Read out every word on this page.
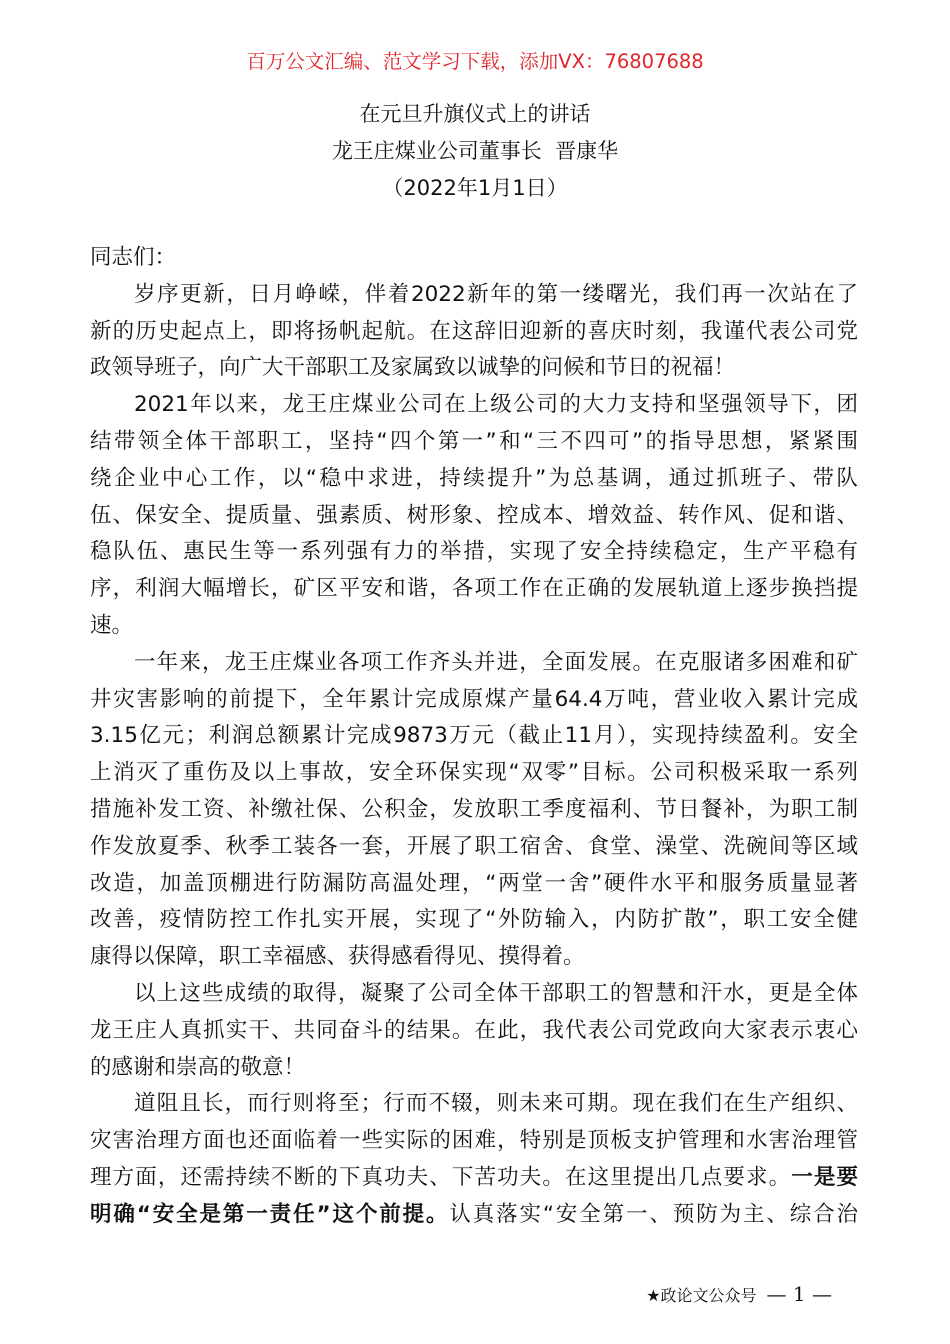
百万公文汇编、范文学习下载，添加VX：76807688
在元旦升旗仪式上的讲话
龙王庄煤业公司董事长  晋康华
（2022年1月1日）
同志们：
岁序更新，日月峥嵘，伴着2022新年的第一缕曙光，我们再一次站在了
新的历史起点上，即将扬帆起航。在这辞旧迎新的喜庆时刻，我谨代表公司党
政领导班子，向广大干部职工及家属致以诚挚的问候和节日的祝福！
2021年以来，龙王庄煤业公司在上级公司的大力支持和坚强领导下，团
结带领全体干部职工，坚持“四个第一”和“三不四可”的指导思想，紧紧围
绕企业中心工作，以“稳中求进，持续提升”为总基调，通过抓班子、带队
伍、保安全、提质量、强素质、树形象、控成本、增效益、转作风、促和谐、
稳队伍、惠民生等一系列强有力的举措，实现了安全持续稳定，生产平稳有
序，利润大幅增长，矿区平安和谐，各项工作在正确的发展轨道上逐步换挡提
速。
一年来，龙王庄煤业各项工作齐头并进，全面发展。在克服诸多困难和矿
井灾害影响的前提下，全年累计完成原煤产量64.4万吨，营业收入累计完成
3.15亿元；利润总额累计完成9873万元（截止11月），实现持续盈利。安全
上消灭了重伤及以上事故，安全环保实现“双零”目标。公司积极采取一系列
措施补发工资、补缴社保、公积金，发放职工季度福利、节日餐补，为职工制
作发放夏季、秋季工装各一套，开展了职工宿舍、食堂、澡堂、洗碗间等区域
改造，加盖顶棚进行防漏防高温处理，“两堂一舍”硬件水平和服务质量显著
改善，疫情防控工作扎实开展，实现了“外防输入，内防扩散”，职工安全健
康得以保障，职工幸福感、获得感看得见、摸得着。
以上这些成绩的取得，凝聚了公司全体干部职工的智慧和汗水，更是全体
龙王庄人真抓实干、共同奋斗的结果。在此，我代表公司党政向大家表示衷心
的感谢和崇高的敬意！
道阻且长，而行则将至；行而不辍，则未来可期。现在我们在生产组织、
灾害治理方面也还面临着一些实际的困难，特别是顶板支护管理和水害治理管
理方面，还需持续不断的下真功夫、下苦功夫。在这里提出几点要求。一是要
明确“安全是第一责任”这个前提。认真落实“安全第一、预防为主、综合治
★政论文公众号 — 1 —
